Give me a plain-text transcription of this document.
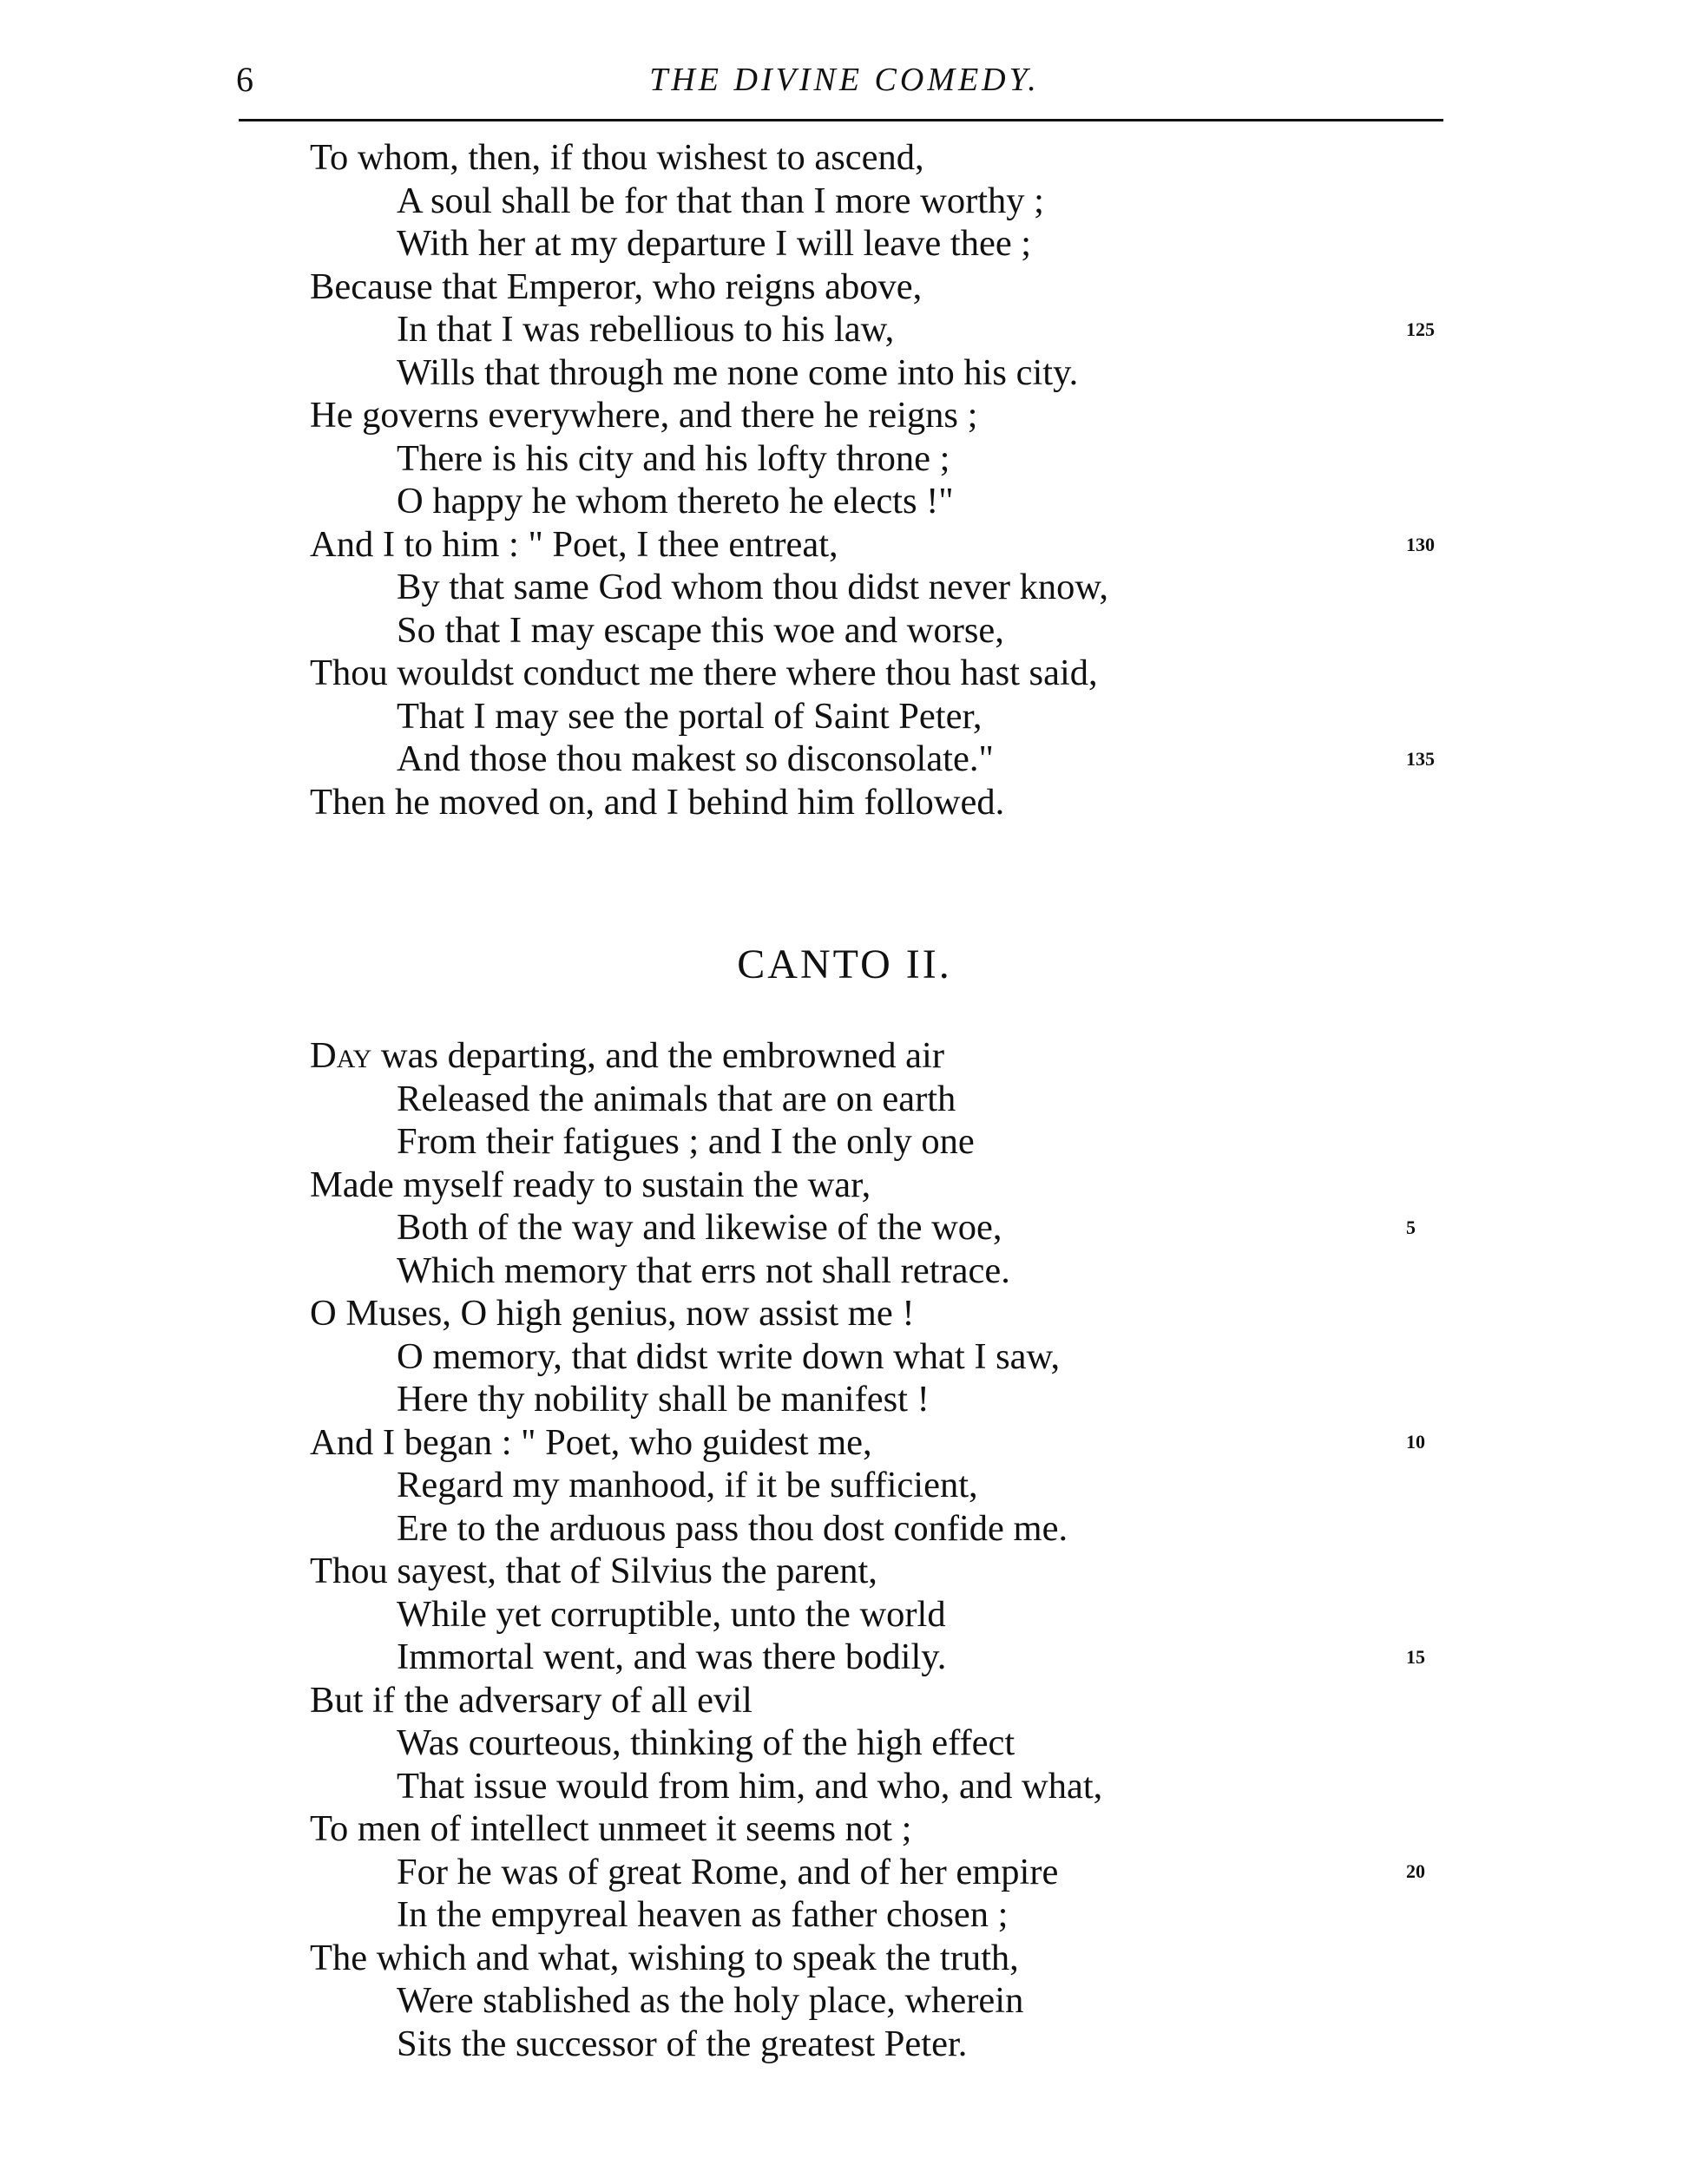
6	THE DIVINE COMEDY.
To whom, then, if thou wishest to ascend,
A soul shall be for that than I more worthy ;
With her at my departure I will leave thee ;
Because that Emperor, who reigns above,
In that I was rebellious to his law,
Wills that through me none come into his city.
He governs everywhere, and there he reigns ;
There is his city and his lofty throne ;
O happy he whom thereto he elects !"
And I to him : " Poet, I thee entreat,
By that same God whom thou didst never know,
So that I may escape this woe and worse,
Thou wouldst conduct me there where thou hast said,
That I may see the portal of Saint Peter,
And those thou makest so disconsolate."
Then he moved on, and I behind him followed.
125
130
135
CANTO II.
Day was departing, and the embrowned air
Released the animals that are on earth
From their fatigues ; and I the only one
Made myself ready to sustain the war,
Both of the way and likewise of the woe,
Which memory that errs not shall retrace.
O Muses, O high genius, now assist me !
O memory, that didst write down what I saw,
Here thy nobility shall be manifest !
And I began : " Poet, who guidest me,
Regard my manhood, if it be sufficient,
Ere to the arduous pass thou dost confide me.
Thou sayest, that of Silvius the parent,
While yet corruptible, unto the world
Immortal went, and was there bodily.
But if the adversary of all evil
Was courteous, thinking of the high effect
That issue would from him, and who, and what,
To men of intellect unmeet it seems not ;
For he was of great Rome, and of her empire
In the empyreal heaven as father chosen ;
The which and what, wishing to speak the truth,
Were stablished as the holy place, wherein
Sits the successor of the greatest Peter.
5
10
15
20
